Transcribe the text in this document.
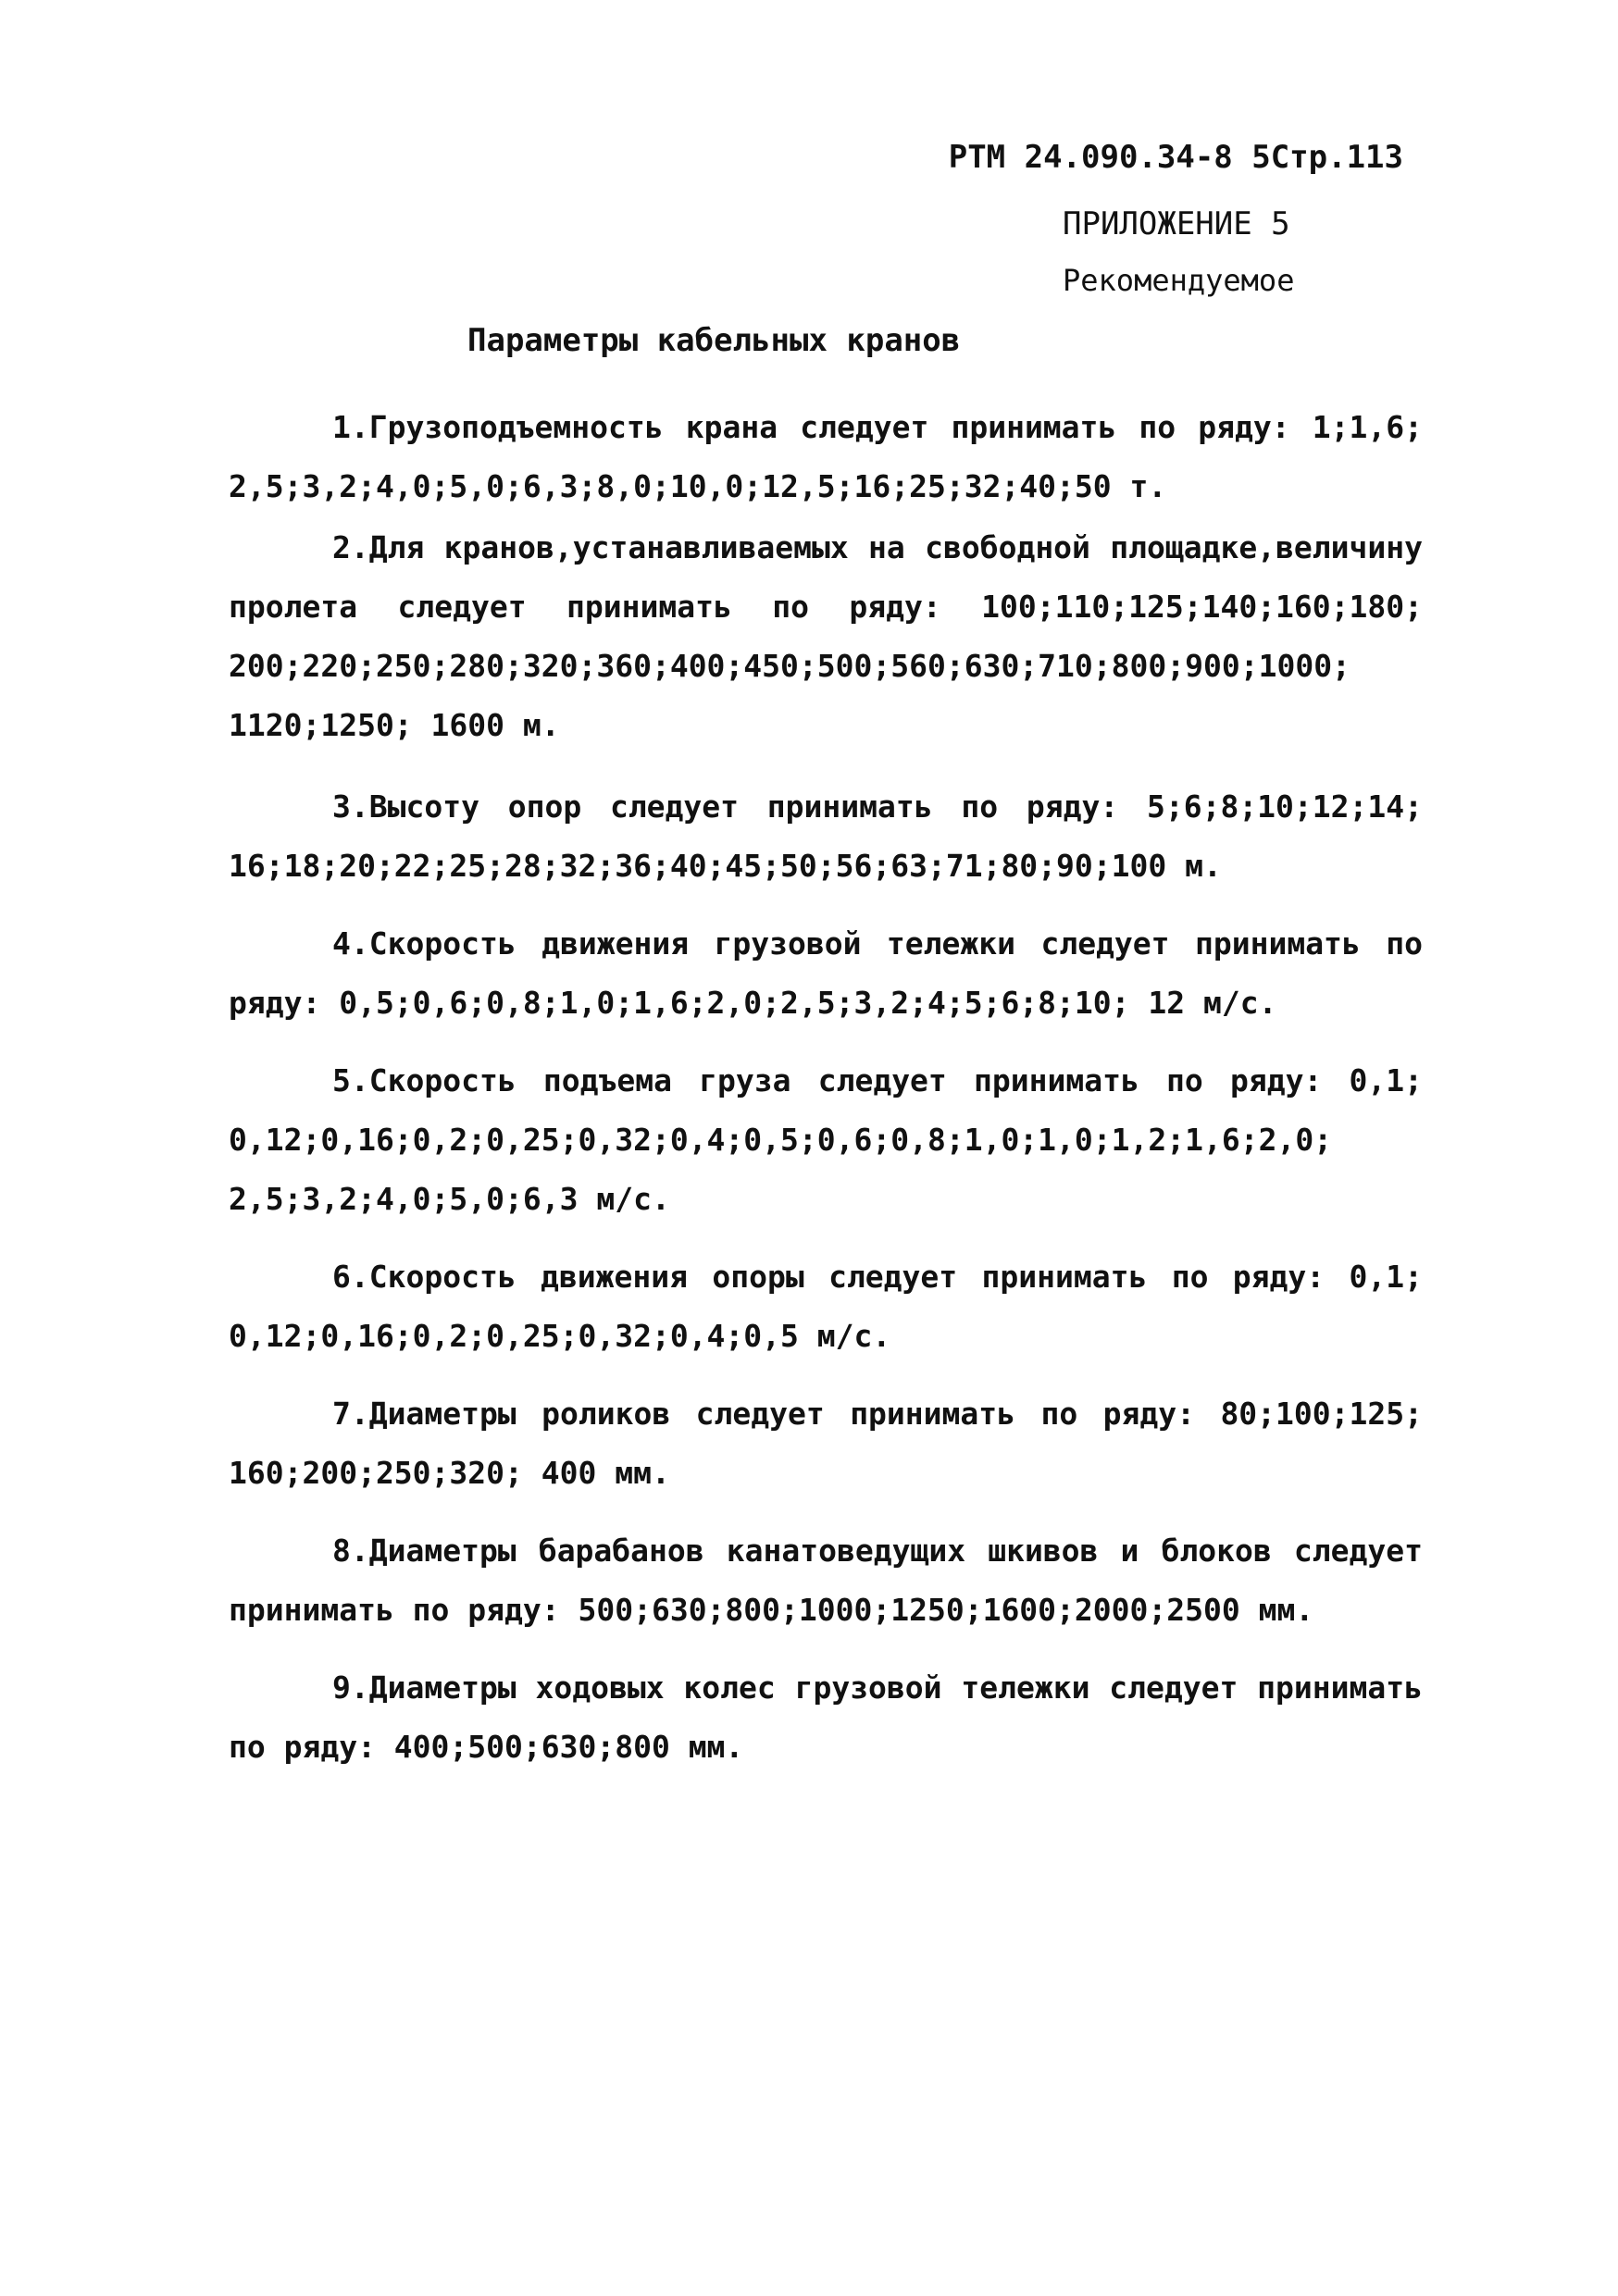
РТМ 24.090.34-8 5Стр.113
ПРИЛОЖЕНИЕ 5
Рекомендуемое
Параметры кабельных кранов
1.Грузоподъемность крана следует принимать по ряду: 1;1,6; 2,5;3,2;4,0;5,0;6,3;8,0;10,0;12,5;16;25;32;40;50 т.
2.Для кранов,устанавливаемых на свободной площадке,величину пролета следует принимать по ряду: 100;110;125;140;160;180; 200;220;250;280;320;360;400;450;500;560;630;710;800;900;1000; 1120;1250; 1600 м.
3.Высоту опор следует принимать по ряду: 5;6;8;10;12;14; 16;18;20;22;25;28;32;36;40;45;50;56;63;71;80;90;100 м.
4.Скорость движения грузовой тележки следует принимать по ряду: 0,5;0,6;0,8;1,0;1,6;2,0;2,5;3,2;4;5;6;8;10; 12 м/с.
5.Скорость подъема груза следует принимать по ряду: 0,1; 0,12;0,16;0,2;0,25;0,32;0,4;0,5;0,6;0,8;1,0;1,0;1,2;1,6;2,0; 2,5;3,2;4,0;5,0;6,3 м/с.
6.Скорость движения опоры следует принимать по ряду: 0,1; 0,12;0,16;0,2;0,25;0,32;0,4;0,5 м/с.
7.Диаметры роликов следует принимать по ряду: 80;100;125; 160;200;250;320; 400 мм.
8.Диаметры барабанов канатоведущих шкивов и блоков следует принимать по ряду: 500;630;800;1000;1250;1600;2000;2500 мм.
9.Диаметры ходовых колес грузовой тележки следует принимать по ряду: 400;500;630;800 мм.
